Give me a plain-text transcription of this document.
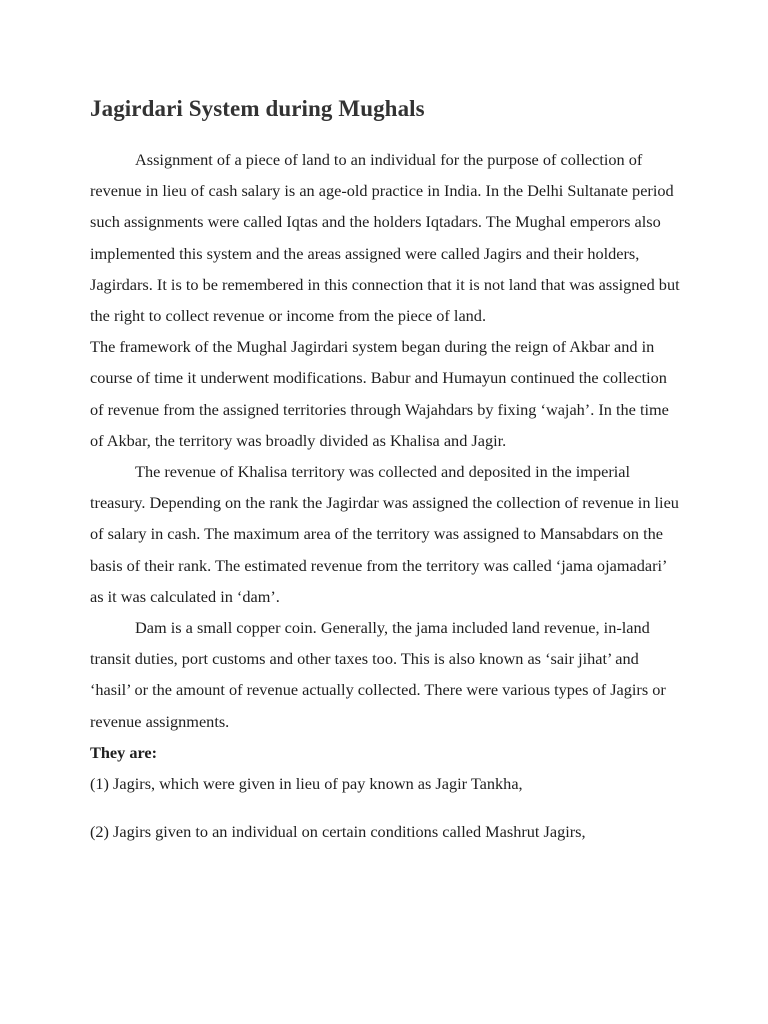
Jagirdari System during Mughals

Assignment of a piece of land to an individual for the purpose of collection of revenue in lieu of cash salary is an age-old practice in India. In the Delhi Sultanate period such assignments were called Iqtas and the holders Iqtadars. The Mughal emperors also implemented this system and the areas assigned were called Jagirs and their holders, Jagirdars. It is to be remembered in this connection that it is not land that was assigned but the right to collect revenue or income from the piece of land.

The framework of the Mughal Jagirdari system began during the reign of Akbar and in course of time it underwent modifications. Babur and Humayun continued the collection of revenue from the assigned territories through Wajahdars by fixing ‘wajah’. In the time of Akbar, the territory was broadly divided as Khalisa and Jagir.

The revenue of Khalisa territory was collected and deposited in the imperial treasury. Depending on the rank the Jagirdar was assigned the collection of revenue in lieu of salary in cash. The maximum area of the territory was assigned to Mansabdars on the basis of their rank. The estimated revenue from the territory was called ‘jama ojamadari’ as it was calculated in ‘dam’.

Dam is a small copper coin. Generally, the jama included land revenue, in-land transit duties, port customs and other taxes too. This is also known as ‘sair jihat’ and ‘hasil’ or the amount of revenue actually collected. There were various types of Jagirs or revenue assignments.

They are:

(1) Jagirs, which were given in lieu of pay known as Jagir Tankha,

(2) Jagirs given to an individual on certain conditions called Mashrut Jagirs,
